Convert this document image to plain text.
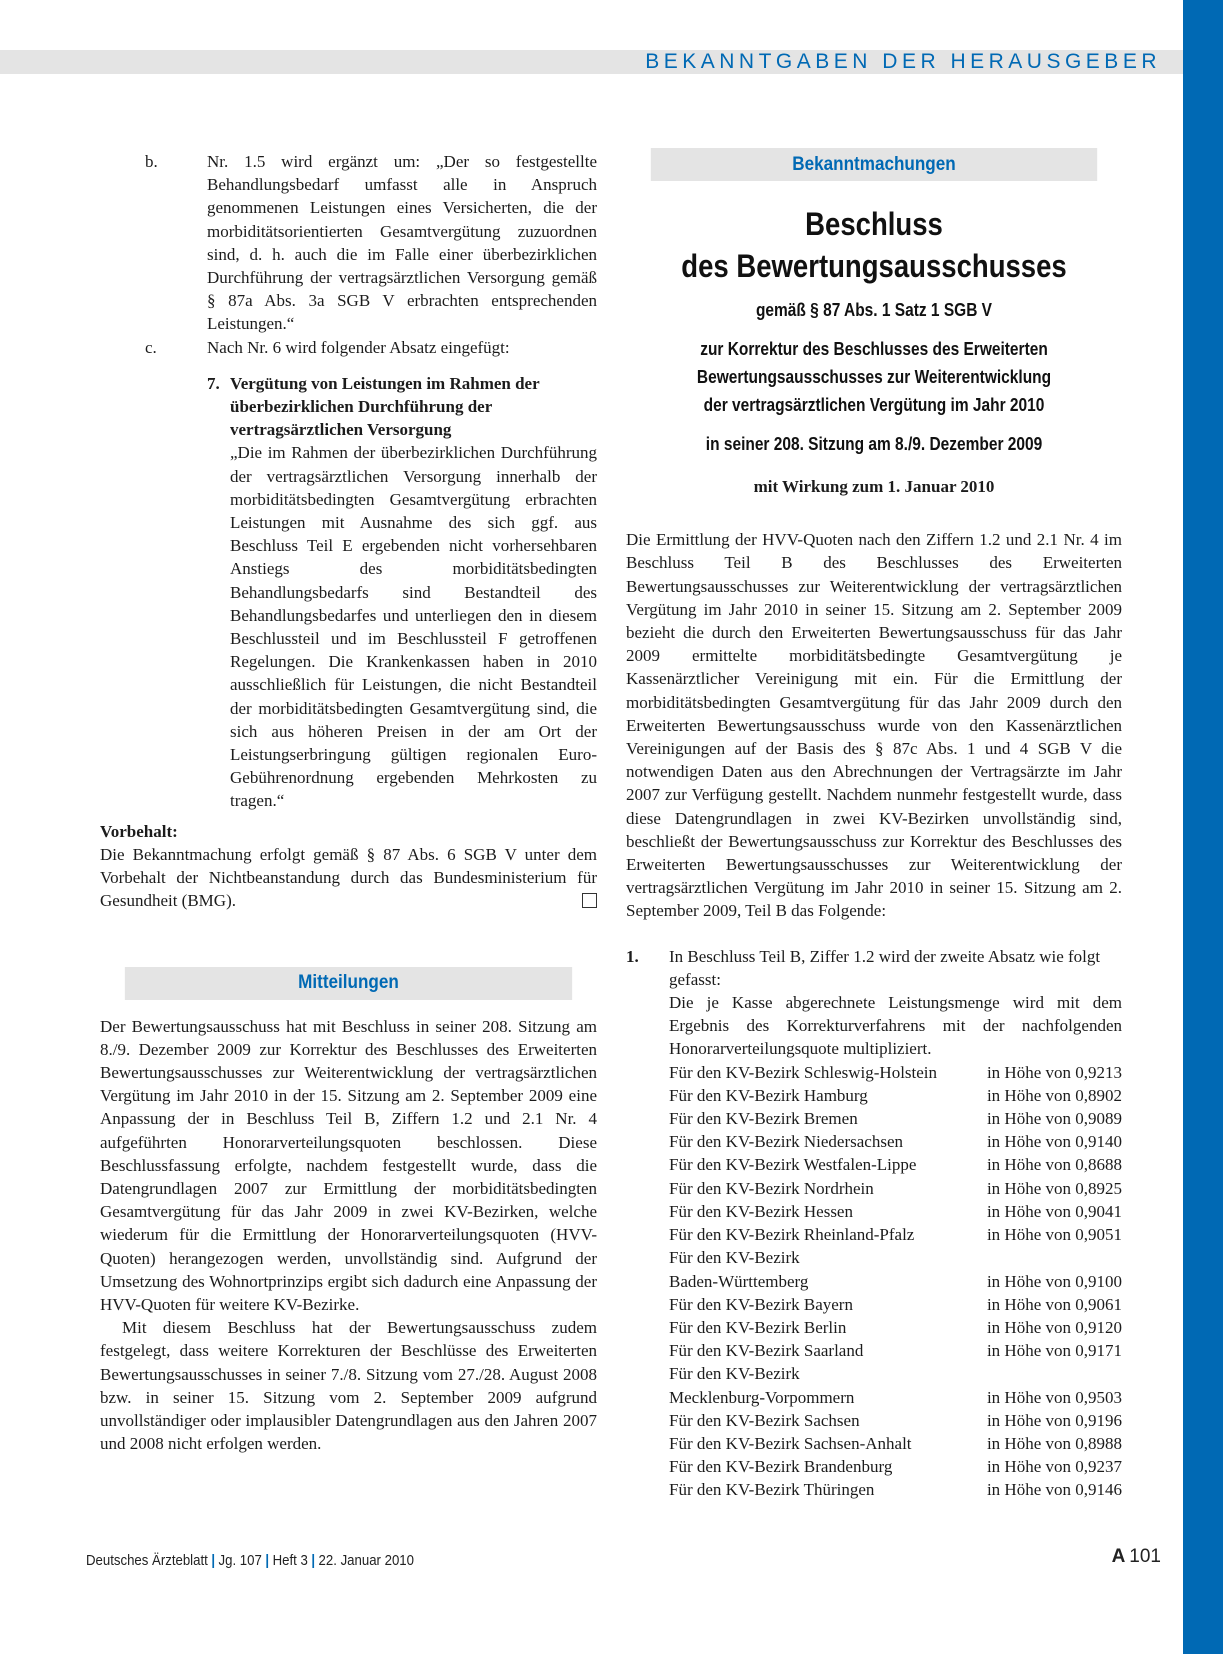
BEKANNTGABEN DER HERAUSGEBER
b.	Nr. 1.5 wird ergänzt um: „Der so festgestellte Behandlungsbedarf umfasst alle in Anspruch genommenen Leistungen eines Versicherten, die der morbiditätsorientierten Gesamtvergütung zuzuordnen sind, d. h. auch die im Falle einer überbezirklichen Durchführung der vertragsärztlichen Versorgung gemäß § 87a Abs. 3a SGB V erbrachten entsprechenden Leistungen.“
c.	Nach Nr. 6 wird folgender Absatz eingefügt:
7. Vergütung von Leistungen im Rahmen der überbezirklichen Durchführung der vertragsärztlichen Versorgung
„Die im Rahmen der überbezirklichen Durchführung der vertragsärztlichen Versorgung innerhalb der morbiditätsbedingten Gesamtvergütung erbrachten Leistungen mit Ausnahme des sich ggf. aus Beschluss Teil E ergebenden nicht vorhersehbaren Anstiegs des morbiditätsbedingten Behandlungsbedarfs sind Bestandteil des Behandlungsbedarfes und unterliegen den in diesem Beschlussteil und im Beschlussteil F getroffenen Regelungen. Die Krankenkassen haben in 2010 ausschließlich für Leistungen, die nicht Bestandteil der morbiditätsbedingten Gesamtvergütung sind, die sich aus höheren Preisen in der am Ort der Leistungserbringung gültigen regionalen Euro-Gebührenordnung ergebenden Mehrkosten zu tragen.“
Vorbehalt:
Die Bekanntmachung erfolgt gemäß § 87 Abs. 6 SGB V unter dem Vorbehalt der Nichtbeanstandung durch das Bundesministerium für Gesundheit (BMG).
Mitteilungen
Der Bewertungsausschuss hat mit Beschluss in seiner 208. Sitzung am 8./9. Dezember 2009 zur Korrektur des Beschlusses des Erweiterten Bewertungsausschusses zur Weiterentwicklung der vertragsärztlichen Vergütung im Jahr 2010 in der 15. Sitzung am 2. September 2009 eine Anpassung der in Beschluss Teil B, Ziffern 1.2 und 2.1 Nr. 4 aufgeführten Honorarverteilungsquoten beschlossen. Diese Beschlussfassung erfolgte, nachdem festgestellt wurde, dass die Datengrundlagen 2007 zur Ermittlung der morbiditätsbedingten Gesamtvergütung für das Jahr 2009 in zwei KV-Bezirken, welche wiederum für die Ermittlung der Honorarverteilungsquoten (HVV-Quoten) herangezogen werden, unvollständig sind. Aufgrund der Umsetzung des Wohnortprinzips ergibt sich dadurch eine Anpassung der HVV-Quoten für weitere KV-Bezirke.
Mit diesem Beschluss hat der Bewertungsausschuss zudem festgelegt, dass weitere Korrekturen der Beschlüsse des Erweiterten Bewertungsausschusses in seiner 7./8. Sitzung vom 27./28. August 2008 bzw. in seiner 15. Sitzung vom 2. September 2009 aufgrund unvollständiger oder implausibler Datengrundlagen aus den Jahren 2007 und 2008 nicht erfolgen werden.
Bekanntmachungen
Beschluss
des Bewertungsausschusses
gemäß § 87 Abs. 1 Satz 1 SGB V
zur Korrektur des Beschlusses des Erweiterten
Bewertungsausschusses zur Weiterentwicklung
der vertragsärztlichen Vergütung im Jahr 2010
in seiner 208. Sitzung am 8./9. Dezember 2009
mit Wirkung zum 1. Januar 2010
Die Ermittlung der HVV-Quoten nach den Ziffern 1.2 und 2.1 Nr. 4 im Beschluss Teil B des Beschlusses des Erweiterten Bewertungsausschusses zur Weiterentwicklung der vertragsärztlichen Vergütung im Jahr 2010 in seiner 15. Sitzung am 2. September 2009 bezieht die durch den Erweiterten Bewertungsausschuss für das Jahr 2009 ermittelte morbiditätsbedingte Gesamtvergütung je Kassenärztlicher Vereinigung mit ein. Für die Ermittlung der morbiditätsbedingten Gesamtvergütung für das Jahr 2009 durch den Erweiterten Bewertungsausschuss wurde von den Kassenärztlichen Vereinigungen auf der Basis des § 87c Abs. 1 und 4 SGB V die notwendigen Daten aus den Abrechnungen der Vertragsärzte im Jahr 2007 zur Verfügung gestellt. Nachdem nunmehr festgestellt wurde, dass diese Datengrundlagen in zwei KV-Bezirken unvollständig sind, beschließt der Bewertungsausschuss zur Korrektur des Beschlusses des Erweiterten Bewertungsausschusses zur Weiterentwicklung der vertragsärztlichen Vergütung im Jahr 2010 in seiner 15. Sitzung am 2. September 2009, Teil B das Folgende:
1.	In Beschluss Teil B, Ziffer 1.2 wird der zweite Absatz wie folgt gefasst:
Die je Kasse abgerechnete Leistungsmenge wird mit dem Ergebnis des Korrekturverfahrens mit der nachfolgenden Honorarverteilungsquote multipliziert.
Für den KV-Bezirk Schleswig-Holstein	in Höhe von 0,9213
Für den KV-Bezirk Hamburg	in Höhe von 0,8902
Für den KV-Bezirk Bremen	in Höhe von 0,9089
Für den KV-Bezirk Niedersachsen	in Höhe von 0,9140
Für den KV-Bezirk Westfalen-Lippe	in Höhe von 0,8688
Für den KV-Bezirk Nordrhein	in Höhe von 0,8925
Für den KV-Bezirk Hessen	in Höhe von 0,9041
Für den KV-Bezirk Rheinland-Pfalz	in Höhe von 0,9051
Für den KV-Bezirk	
Baden-Württemberg	in Höhe von 0,9100
Für den KV-Bezirk Bayern	in Höhe von 0,9061
Für den KV-Bezirk Berlin	in Höhe von 0,9120
Für den KV-Bezirk Saarland	in Höhe von 0,9171
Für den KV-Bezirk	
Mecklenburg-Vorpommern	in Höhe von 0,9503
Für den KV-Bezirk Sachsen	in Höhe von 0,9196
Für den KV-Bezirk Sachsen-Anhalt	in Höhe von 0,8988
Für den KV-Bezirk Brandenburg	in Höhe von 0,9237
Für den KV-Bezirk Thüringen	in Höhe von 0,9146
Deutsches Ärzteblatt | Jg. 107 | Heft 3 | 22. Januar 2010	A 101
